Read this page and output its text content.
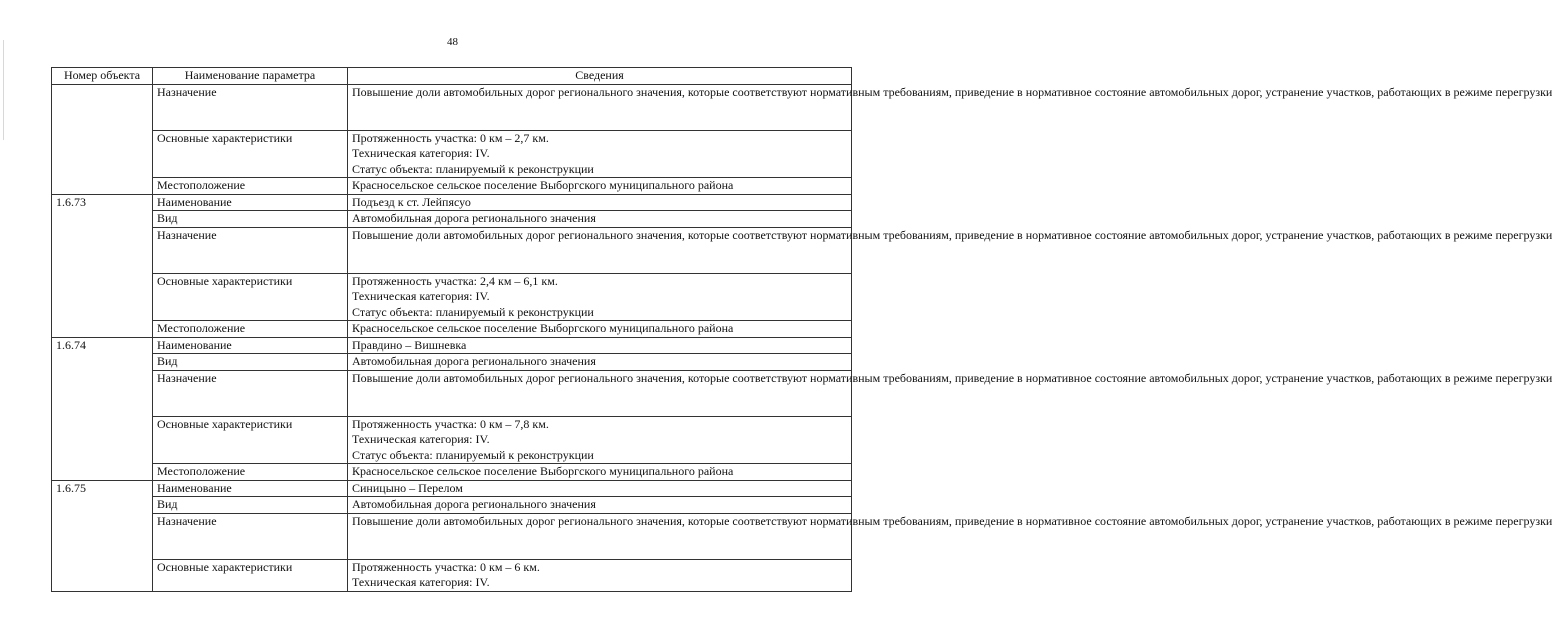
48
Номер объекта	Наименование параметра	Сведения
	Назначение	Повышение доли автомобильных дорог регионального значения, которые соответствуют нормативным требованиям, приведение в нормативное состояние автомобильных дорог, устранение участков, работающих в режиме перегрузки

	Основные характеристики	Протяженность участка: 0 км – 2,7 км.
Техническая категория: IV.
Статус объекта: планируемый к реконструкции

	Местоположение	Красносельское сельское поселение Выборгского муниципального района
1.6.73	Наименование	Подъезд к ст. Лейпясуо
	Вид	Автомобильная дорога регионального значения
	Назначение	Повышение доли автомобильных дорог регионального значения, которые соответствуют нормативным требованиям, приведение в нормативное состояние автомобильных дорог, устранение участков, работающих в режиме перегрузки

	Основные характеристики	Протяженность участка: 2,4 км – 6,1 км.
Техническая категория: IV.
Статус объекта: планируемый к реконструкции

	Местоположение	Красносельское сельское поселение Выборгского муниципального района
1.6.74	Наименование	Правдино – Вишневка
	Вид	Автомобильная дорога регионального значения
	Назначение	Повышение доли автомобильных дорог регионального значения, которые соответствуют нормативным требованиям, приведение в нормативное состояние автомобильных дорог, устранение участков, работающих в режиме перегрузки

	Основные характеристики	Протяженность участка: 0 км – 7,8 км.
Техническая категория: IV.
Статус объекта: планируемый к реконструкции

	Местоположение	Красносельское сельское поселение Выборгского муниципального района
1.6.75	Наименование	Синицыно – Перелом
	Вид	Автомобильная дорога регионального значения
	Назначение	Повышение доли автомобильных дорог регионального значения, которые соответствуют нормативным требованиям, приведение в нормативное состояние автомобильных дорог, устранение участков, работающих в режиме перегрузки

	Основные характеристики	Протяженность участка: 0 км – 6 км.
Техническая категория: IV.
